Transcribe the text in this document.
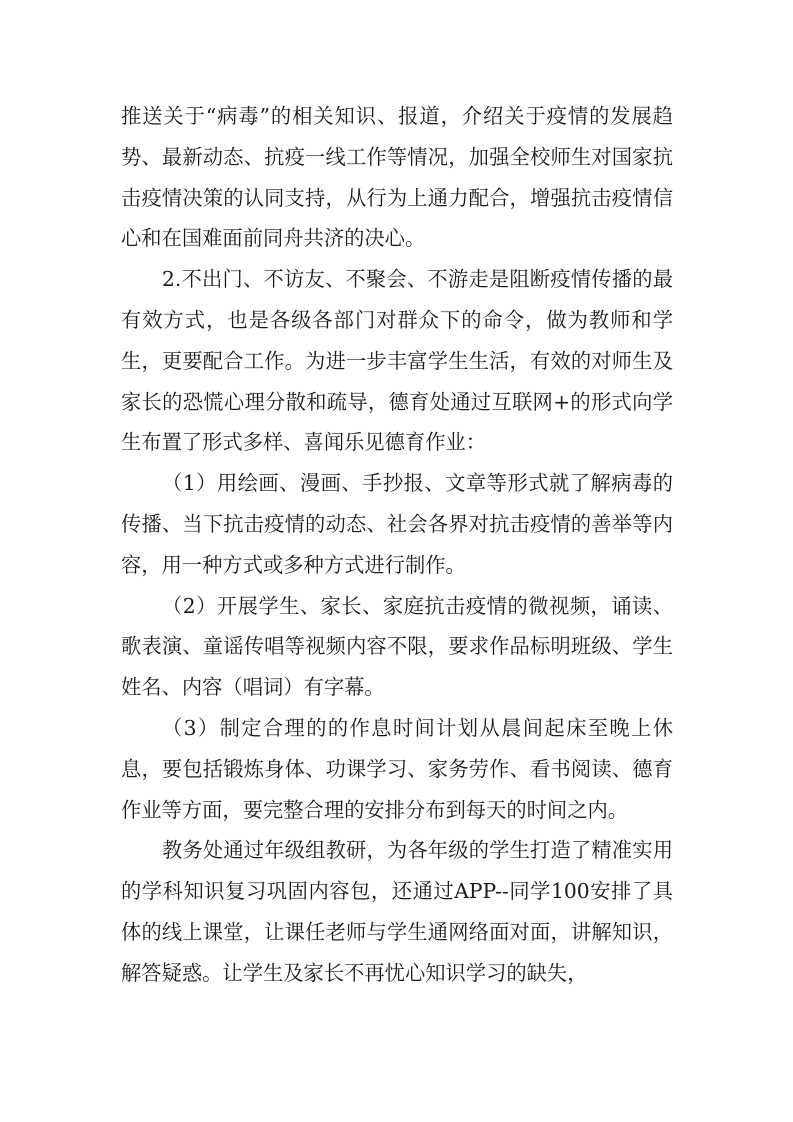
推送关于“病毒”的相关知识、报道，介绍关于疫情的发展趋势、最新动态、抗疫一线工作等情况，加强全校师生对国家抗击疫情决策的认同支持，从行为上通力配合，增强抗击疫情信心和在国难面前同舟共济的决心。

2.不出门、不访友、不聚会、不游走是阻断疫情传播的最有效方式，也是各级各部门对群众下的命令，做为教师和学生，更要配合工作。为进一步丰富学生生活，有效的对师生及家长的恐慌心理分散和疏导，德育处通过互联网+的形式向学生布置了形式多样、喜闻乐见德育作业：

（1）用绘画、漫画、手抄报、文章等形式就了解病毒的传播、当下抗击疫情的动态、社会各界对抗击疫情的善举等内容，用一种方式或多种方式进行制作。

（2）开展学生、家长、家庭抗击疫情的微视频，诵读、歌表演、童谣传唱等视频内容不限，要求作品标明班级、学生姓名、内容（唱词）有字幕。

（3）制定合理的的作息时间计划从晨间起床至晚上休息，要包括锻炼身体、功课学习、家务劳作、看书阅读、德育作业等方面，要完整合理的安排分布到每天的时间之内。

教务处通过年级组教研，为各年级的学生打造了精准实用的学科知识复习巩固内容包，还通过APP--同学100安排了具体的线上课堂，让课任老师与学生通网络面对面，讲解知识，解答疑惑。让学生及家长不再忧心知识学习的缺失，
